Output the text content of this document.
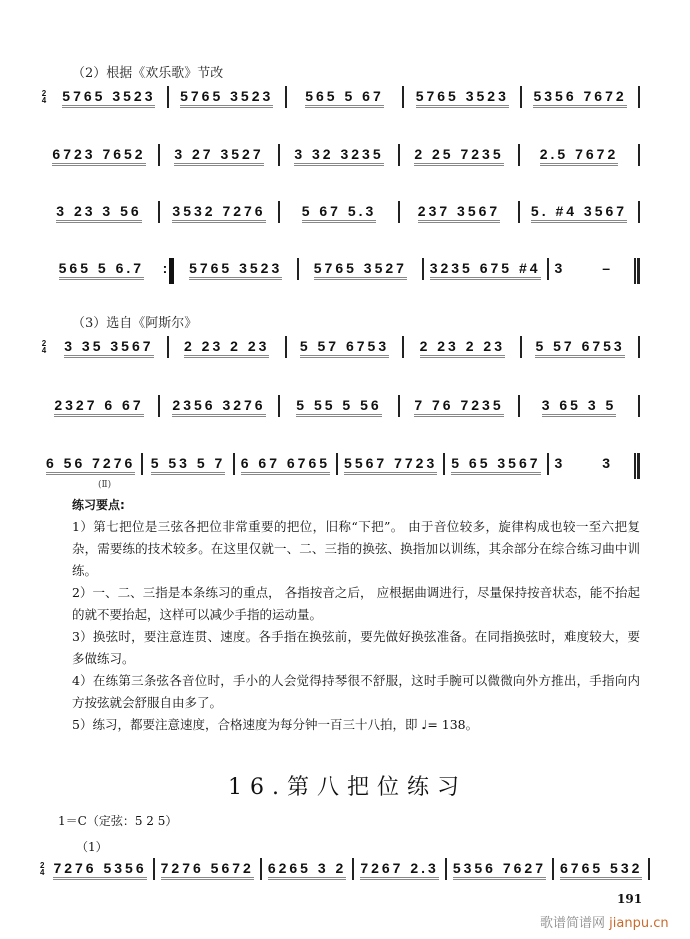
（2）根据《欢乐歌》节改
2
4 5765 3523 5765 3523 565 5 67 5765 3523 5356 7672
6723 7652 3 27 3527 3 32 3235 2 25 7235	2.5 7672
3 23 3 56 3532 7276	5 67 5.3	237 3567 5. #4 3567
565 5 6.7 : 5765 3523 5765 3527 3235 675 #4 3 –
（3）选自《阿斯尔》
2
4 3 35 3567 2 23 2 23 5 57 6753 2 23 2 23 5 57 6753
2327 6 67 2356 3276 5 55 5 56 7 76 7235	3 65 3 5
6 56 7276 5 53 5 7 6 67 6765 5567 7723 5 65 3567 3 3
(Ⅱ)
练习要点:
1）第七把位是三弦各把位非常重要的把位，旧称“下把”。 由于音位较多，旋律构成也较一至六把复杂，需要练的技术较多。在这里仅就一、二、三指的换弦、换指加以训练，其余部分在综合练习曲中训练。
2）一、二、三指是本条练习的重点， 各指按音之后， 应根据曲调进行，尽量保持按音状态，能不抬起的就不要抬起，这样可以减少手指的运动量。
3）换弦时，要注意连贯、速度。各手指在换弦前，要先做好换弦准备。在同指换弦时，难度较大，要多做练习。
4）在练第三条弦各音位时，手小的人会觉得持琴很不舒服，这时手腕可以微微向外方推出，手指向内方按弦就会舒服自由多了。
5）练习，都要注意速度，合格速度为每分钟一百三十八拍，即 ♩= 138。
16.第八把位练习
1＝C（定弦：5 2 5）
（1）
2
4 7276 5356 7276 5672 6265 3 2 7267 2.3 5356 7627 6765 532
191
歌谱简谱网 jianpu.cn
